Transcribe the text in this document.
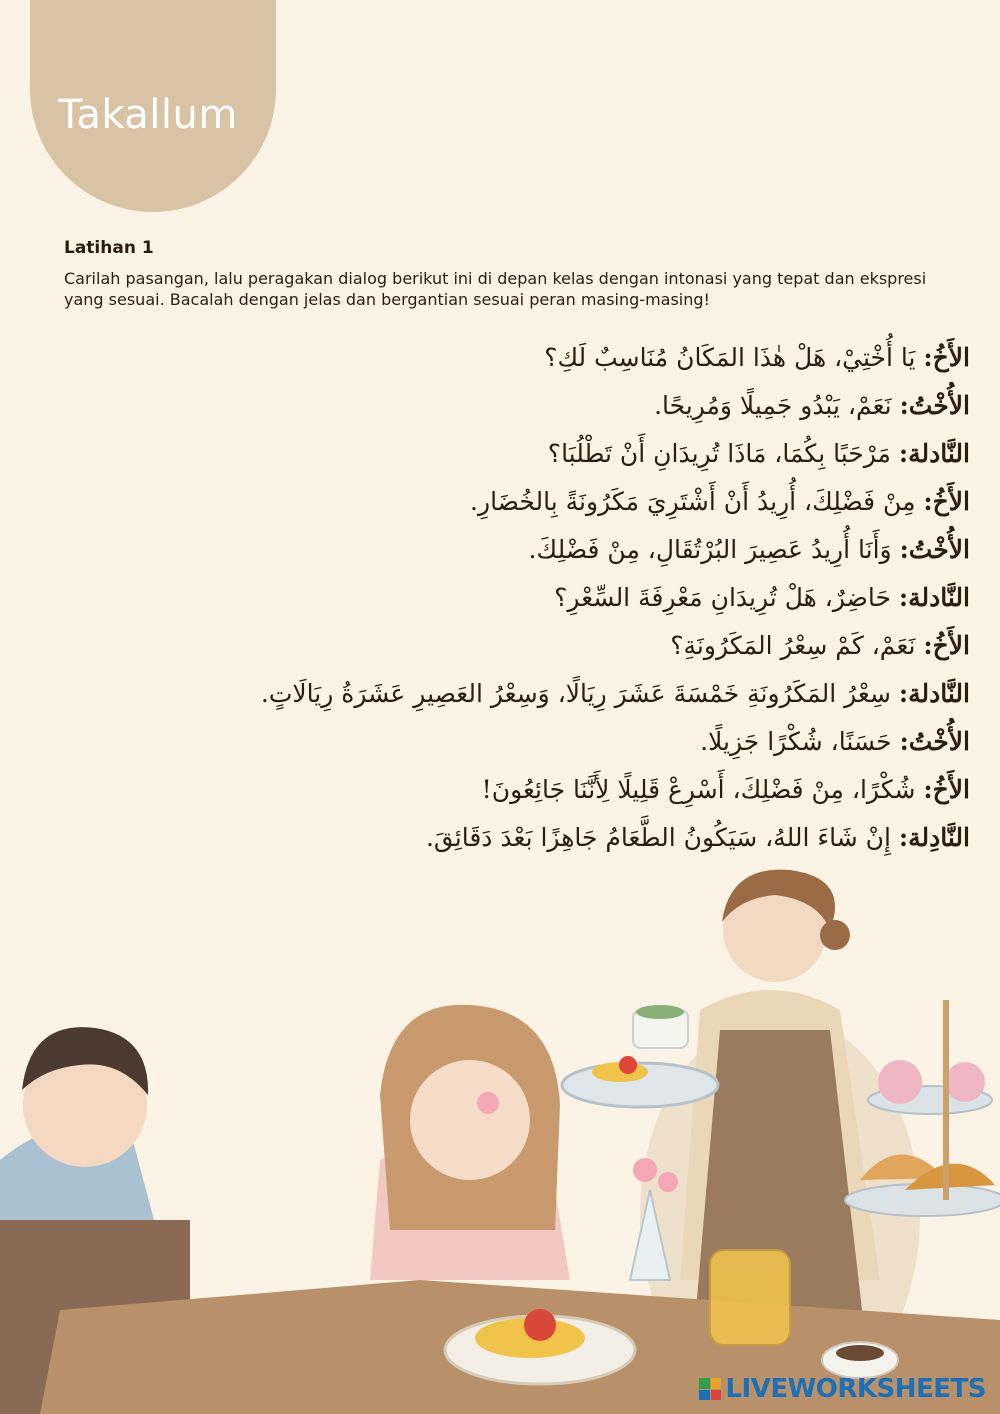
Takallum
Latihan 1
Carilah pasangan, lalu peragakan dialog berikut ini di depan kelas dengan intonasi yang tepat dan ekspresi yang sesuai. Bacalah dengan jelas dan bergantian sesuai peran masing-masing!
الأَخُ: يَا أُخْتِيْ، هَلْ هٰذَا المَكَانُ مُنَاسِبٌ لَكِ؟
الأُخْتُ: نَعَمْ، يَبْدُو جَمِيلًا وَمُرِيحًا.
النَّادلة: مَرْحَبًا بِكُمَا، مَاذَا تُرِيدَانِ أَنْ تَطْلُبَا؟
الأَخُ: مِنْ فَضْلِكَ، أُرِيدُ أَنْ أَشْتَرِيَ مَكَرُونَةً بِالخُضَارِ.
الأُخْتُ: وَأَنَا أُرِيدُ عَصِيرَ البُرْتُقَالِ، مِنْ فَضْلِكَ.
النَّادلة: حَاضِرٌ، هَلْ تُرِيدَانِ مَعْرِفَةَ السِّعْرِ؟
الأَخُ: نَعَمْ، كَمْ سِعْرُ المَكَرُونَةِ؟
النَّادلة: سِعْرُ المَكَرُونَةِ خَمْسَةَ عَشَرَ رِيَالًا، وَسِعْرُ العَصِيرِ عَشَرَةُ رِيَالَاتٍ.
الأُخْتُ: حَسَنًا، شُكْرًا جَزِيلًا.
الأَخُ: شُكْرًا، مِنْ فَضْلِكَ، أَسْرِعْ قَلِيلًا لِأَنَّنَا جَائِعُونَ!
النَّادِلة: إِنْ شَاءَ اللهُ، سَيَكُونُ الطَّعَامُ جَاهِزًا بَعْدَ دَقَائِقَ.
LIVEWORKSHEETS
